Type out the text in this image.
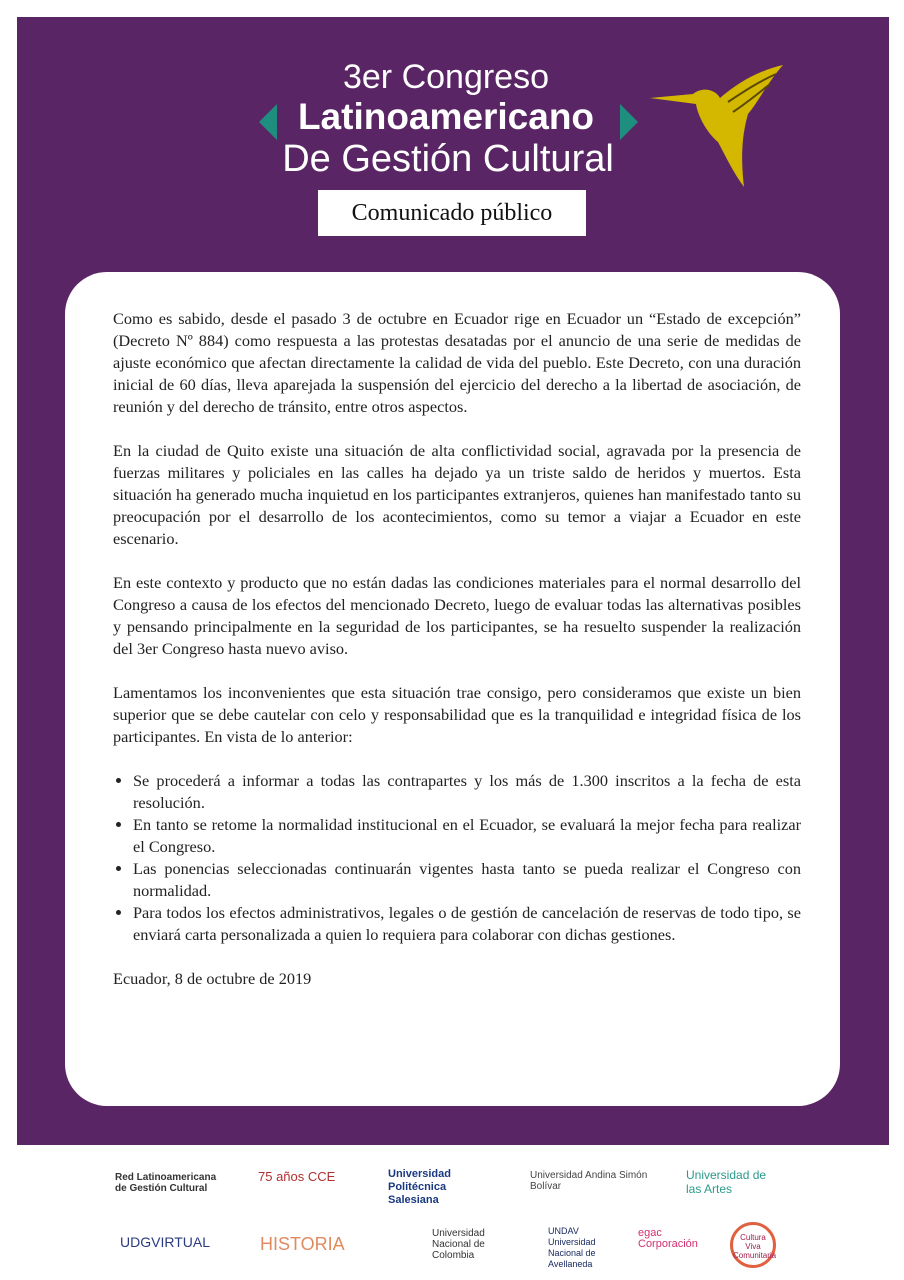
3er Congreso
Latinoamericano
De Gestión Cultural
Comunicado público

Como es sabido, desde el pasado 3 de octubre en Ecuador rige en Ecuador un “Estado de excepción” (Decreto Nº 884) como respuesta a las protestas desatadas por el anuncio de una serie de medidas de ajuste económico que afectan directamente la calidad de vida del pueblo. Este Decreto, con una duración inicial de 60 días, lleva aparejada la suspensión del ejercicio del derecho a la libertad de asociación, de reunión y del derecho de tránsito, entre otros aspectos.

En la ciudad de Quito existe una situación de alta conflictividad social, agravada por la presencia de fuerzas militares y policiales en las calles ha dejado ya un triste saldo de heridos y muertos. Esta situación ha generado mucha inquietud en los participantes extranjeros, quienes han manifestado tanto su preocupación por el desarrollo de los acontecimientos, como su temor a viajar a Ecuador en este escenario.

En este contexto y producto que no están dadas las condiciones materiales para el normal desarrollo del Congreso a causa de los efectos del mencionado Decreto, luego de evaluar todas las alternativas posibles y pensando principalmente en la seguridad de los participantes, se ha resuelto suspender la realización del 3er Congreso hasta nuevo aviso.

Lamentamos los inconvenientes que esta situación trae consigo, pero consideramos que existe un bien superior que se debe cautelar con celo y responsabilidad que es la tranquilidad e integridad física de los participantes. En vista de lo anterior:

• Se procederá a informar a todas las contrapartes y los más de 1.300 inscritos a la fecha de esta resolución.
• En tanto se retome la normalidad institucional en el Ecuador, se evaluará la mejor fecha para realizar el Congreso.
• Las ponencias seleccionadas continuarán vigentes hasta tanto se pueda realizar el Congreso con normalidad.
• Para todos los efectos administrativos, legales o de gestión de cancelación de reservas de todo tipo, se enviará carta personalizada a quien lo requiera para colaborar con dichas gestiones.

Ecuador, 8 de octubre de 2019

Red Latinoamericana de Gestión Cultural
75 años CCE	Universidad Politécnica Salesiana
Universidad Andina Simón Bolívar
Universidad de las Artes
UDGVIRTUAL	HISTORIA
Universidad Nacional de Colombia
UNDAV Universidad Nacional de Avellaneda
egac Corporación
Cultura Viva Comunitaria
